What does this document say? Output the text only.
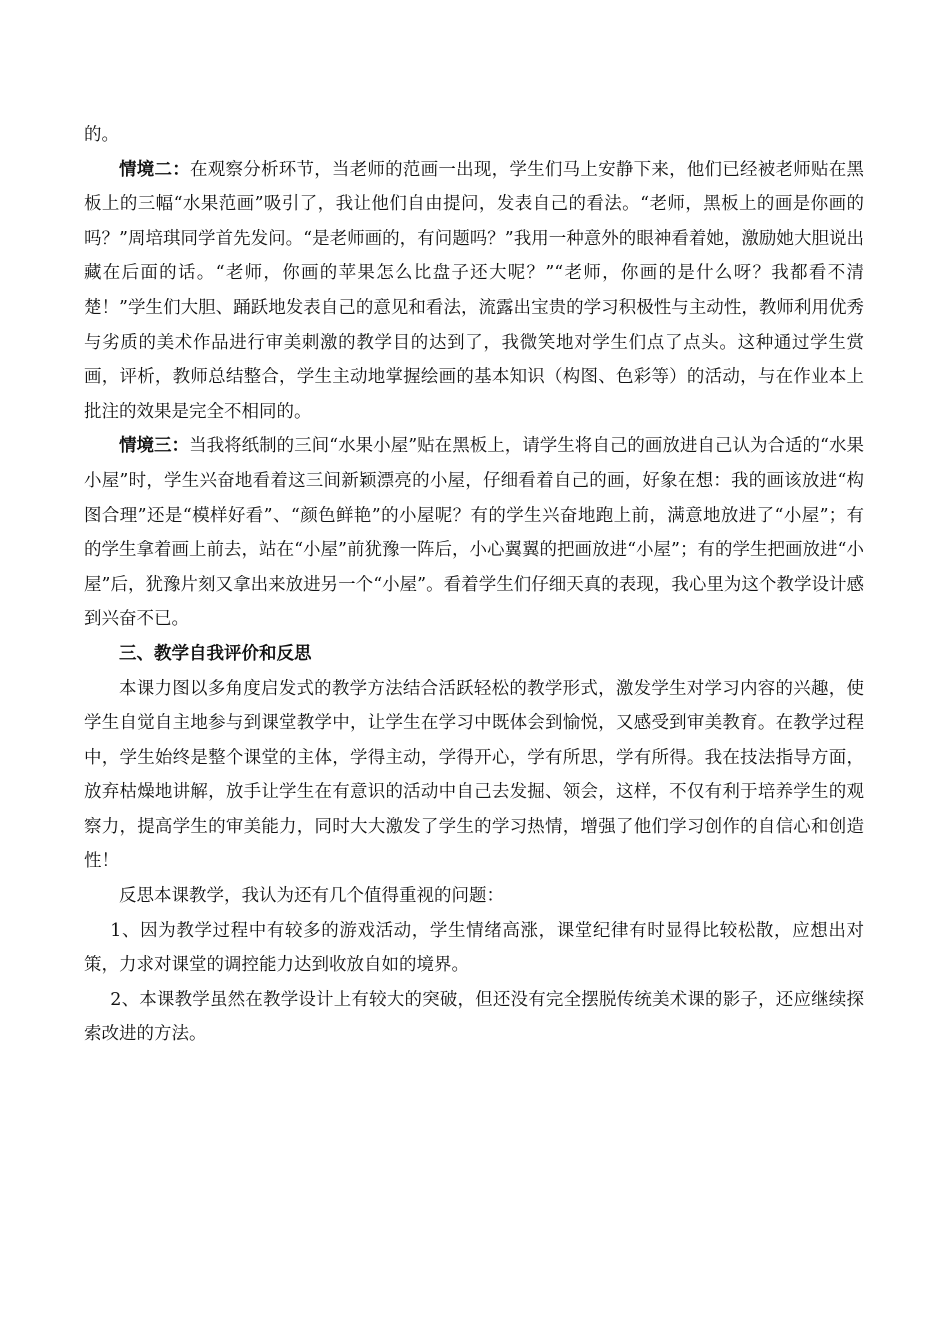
的。

情境二：在观察分析环节，当老师的范画一出现，学生们马上安静下来，他们已经被老师贴在黑板上的三幅“水果范画”吸引了，我让他们自由提问，发表自己的看法。“老师，黑板上的画是你画的吗？”周培琪同学首先发问。“是老师画的，有问题吗？”我用一种意外的眼神看着她，激励她大胆说出藏在后面的话。“老师，你画的苹果怎么比盘子还大呢？”“老师，你画的是什么呀？我都看不清楚！”学生们大胆、踊跃地发表自己的意见和看法，流露出宝贵的学习积极性与主动性，教师利用优秀与劣质的美术作品进行审美刺激的教学目的达到了，我微笑地对学生们点了点头。这种通过学生赏画，评析，教师总结整合，学生主动地掌握绘画的基本知识（构图、色彩等）的活动，与在作业本上批注的效果是完全不相同的。

情境三：当我将纸制的三间“水果小屋”贴在黑板上，请学生将自己的画放进自己认为合适的“水果小屋”时，学生兴奋地看着这三间新颖漂亮的小屋，仔细看着自己的画，好象在想：我的画该放进“构图合理”还是“模样好看”、“颜色鲜艳”的小屋呢？有的学生兴奋地跑上前，满意地放进了“小屋”；有的学生拿着画上前去，站在“小屋”前犹豫一阵后，小心翼翼的把画放进“小屋”；有的学生把画放进“小屋”后，犹豫片刻又拿出来放进另一个“小屋”。看着学生们仔细天真的表现，我心里为这个教学设计感到兴奋不已。

三、教学自我评价和反思

本课力图以多角度启发式的教学方法结合活跃轻松的教学形式，激发学生对学习内容的兴趣，使学生自觉自主地参与到课堂教学中，让学生在学习中既体会到愉悦，又感受到审美教育。在教学过程中，学生始终是整个课堂的主体，学得主动，学得开心，学有所思，学有所得。我在技法指导方面，放弃枯燥地讲解，放手让学生在有意识的活动中自己去发掘、领会，这样，不仅有利于培养学生的观察力，提高学生的审美能力，同时大大激发了学生的学习热情，增强了他们学习创作的自信心和创造性！

反思本课教学，我认为还有几个值得重视的问题：

1、因为教学过程中有较多的游戏活动，学生情绪高涨，课堂纪律有时显得比较松散，应想出对策，力求对课堂的调控能力达到收放自如的境界。

2、本课教学虽然在教学设计上有较大的突破，但还没有完全摆脱传统美术课的影子，还应继续探索改进的方法。
